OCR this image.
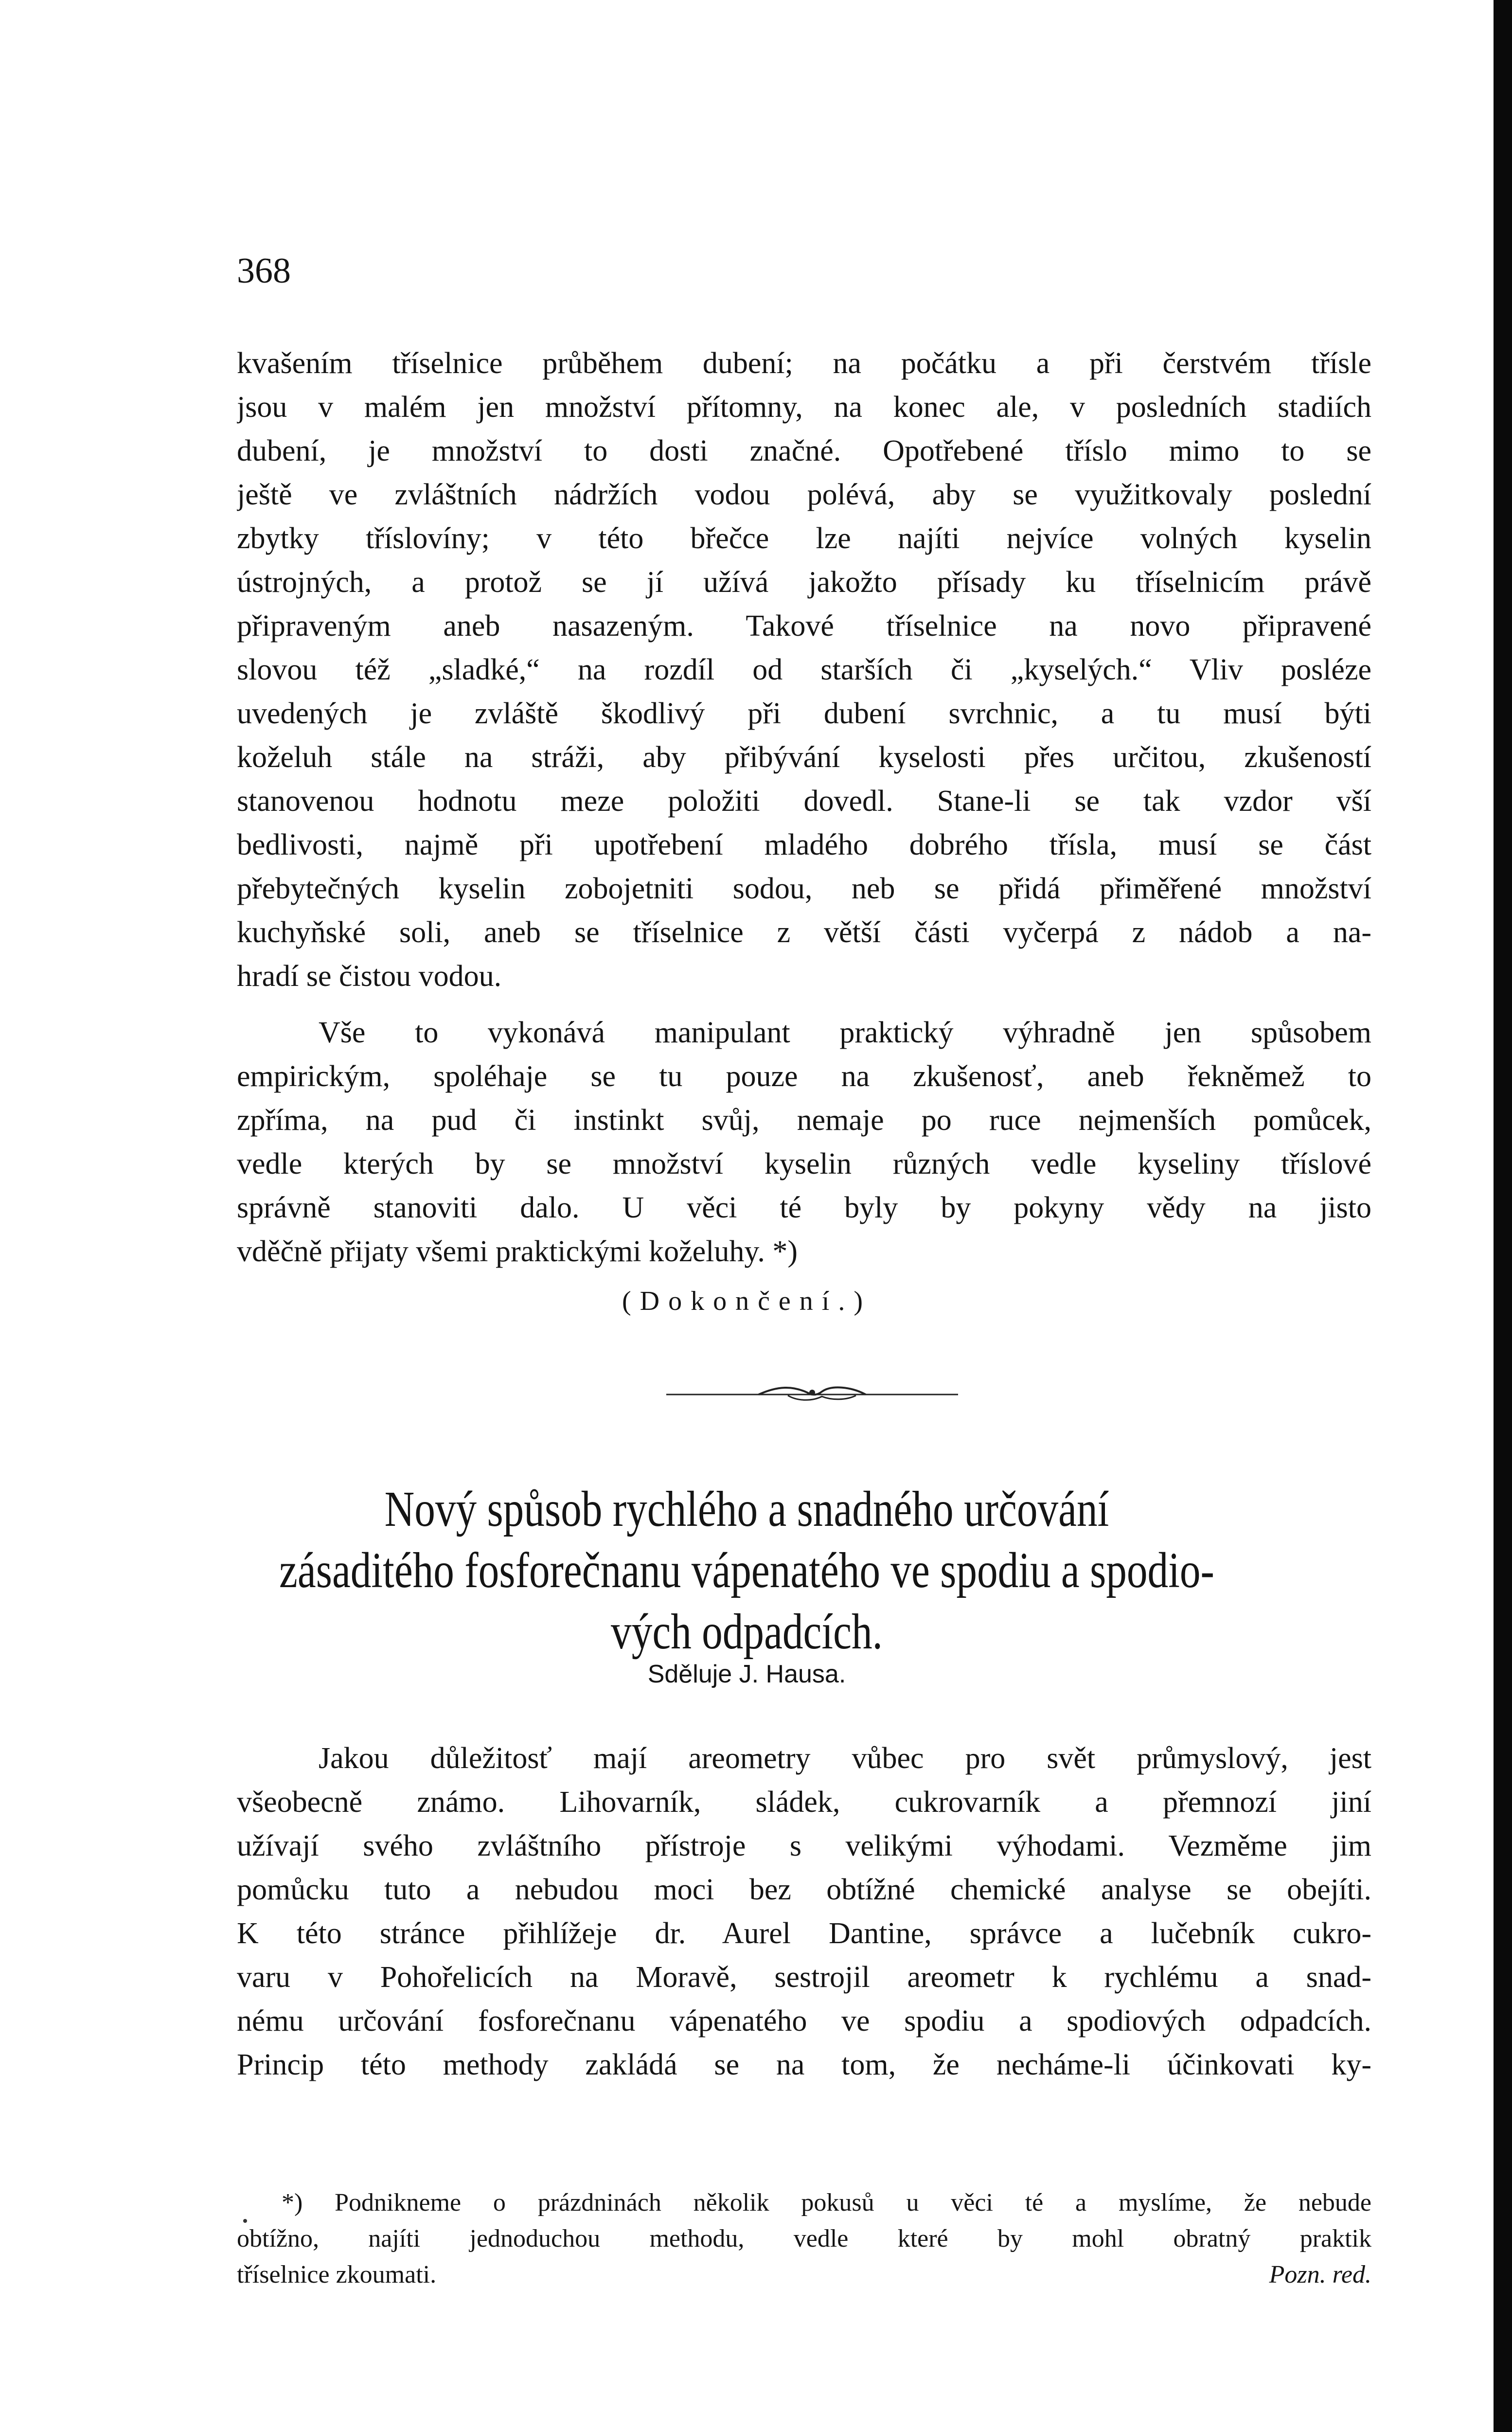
368

kvašením tříselnice průběhem dubení; na počátku a při čerstvém třísle
jsou v malém jen množství přítomny, na konec ale, v posledních stadiích
dubení, je množství to dosti značné. Opotřebené tříslo mimo to se
ještě ve zvláštních nádržích vodou polévá, aby se využitkovaly poslední
zbytky tříslovíny; v této břečce lze najíti nejvíce volných kyselin
ústrojných, a protož se jí užívá jakožto přísady ku tříselnicím právě
připraveným aneb nasazeným. Takové tříselnice na novo připravené
slovou též „sladké,“ na rozdíl od starších či „kyselých.“ Vliv posléze
uvedených je zvláště škodlivý při dubení svrchnic, a tu musí býti
koželuh stále na stráži, aby přibývání kyselosti přes určitou, zkušeností
stanovenou hodnotu meze položiti dovedl. Stane-li se tak vzdor vší
bedlivosti, najmě při upotřebení mladého dobrého třísla, musí se část
přebytečných kyselin zobojetniti sodou, neb se přidá přiměřené množství
kuchyňské soli, aneb se tříselnice z větší části vyčerpá z nádob a na-
hradí se čistou vodou.

Vše to vykonává manipulant praktický výhradně jen spůsobem
empirickým, spoléhaje se tu pouze na zkušenosť, aneb řekněmež to
zpříma, na pud či instinkt svůj, nemaje po ruce nejmenších pomůcek,
vedle kterých by se množství kyselin různých vedle kyseliny tříslové
správně stanoviti dalo. U věci té byly by pokyny vědy na jisto
vděčně přijaty všemi praktickými koželuhy. *)

(Dokončení.)
Nový spůsob rychlého a snadného určování
zásaditého fosforečnanu vápenatého ve spodiu a spodio-
vých odpadcích.
Sděluje J. Hausa.

Jakou důležitosť mají areometry vůbec pro svět průmyslový, jest
všeobecně známo. Lihovarník, sládek, cukrovarník a přemnozí jiní
užívají svého zvláštního přístroje s velikými výhodami. Vezměme jim
pomůcku tuto a nebudou moci bez obtížné chemické analyse se obejíti.
K této stránce přihlížeje dr. Aurel Dantine, správce a lučebník cukro-
varu v Pohořelicích na Moravě, sestrojil areometr k rychlému a snad-
nému určování fosforečnanu vápenatého ve spodiu a spodiových odpadcích.
Princip této methody zakládá se na tom, že necháme-li účinkovati ky-

*) Podnikneme o prázdninách několik pokusů u věci té a myslíme, že nebude
obtížno, najíti jednoduchou methodu, vedle které by mohl obratný praktik
tříselnice zkoumati.	Pozn. red.
